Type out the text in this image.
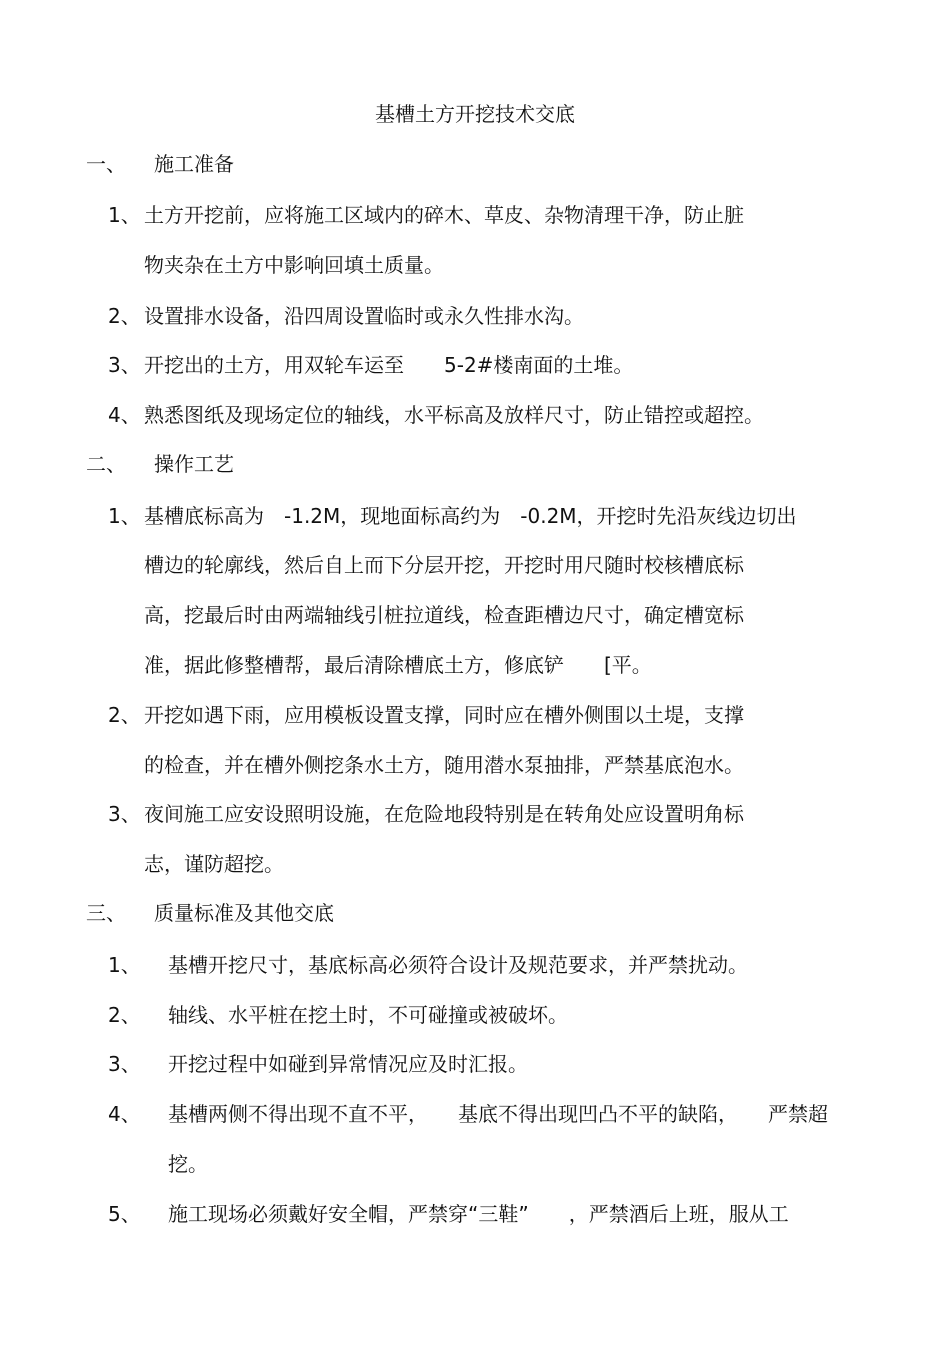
基槽土方开挖技术交底
一、 施工准备
1、 土方开挖前，应将施工区域内的碎木、草皮、杂物清理干净，防止脏
物夹杂在土方中影响回填土质量。
2、 设置排水设备，沿四周设置临时或永久性排水沟。
3、 开挖出的土方，用双轮车运至　　5-2#楼南面的土堆。
4、 熟悉图纸及现场定位的轴线，水平标高及放样尺寸，防止错控或超控。
二、 操作工艺
1、 基槽底标高为　-1.2M，现地面标高约为　-0.2M，开挖时先沿灰线边切出
槽边的轮廓线，然后自上而下分层开挖，开挖时用尺随时校核槽底标
高，挖最后时由两端轴线引桩拉道线，检查距槽边尺寸，确定槽宽标
准，据此修整槽帮，最后清除槽底土方，修底铲　　[平。
2、 开挖如遇下雨，应用模板设置支撑，同时应在槽外侧围以土堤，支撑
的检查，并在槽外侧挖条水土方，随用潜水泵抽排，严禁基底泡水。
3、 夜间施工应安设照明设施，在危险地段特别是在转角处应设置明角标
志，谨防超挖。
三、 质量标准及其他交底
1、 基槽开挖尺寸，基底标高必须符合设计及规范要求，并严禁扰动。
2、 轴线、水平桩在挖土时，不可碰撞或被破坏。
3、 开挖过程中如碰到异常情况应及时汇报。
4、 基槽两侧不得出现不直不平，　　基底不得出现凹凸不平的缺陷，　　严禁超
挖。
5、 施工现场必须戴好安全帽，严禁穿“三鞋”　　，严禁酒后上班，服从工
